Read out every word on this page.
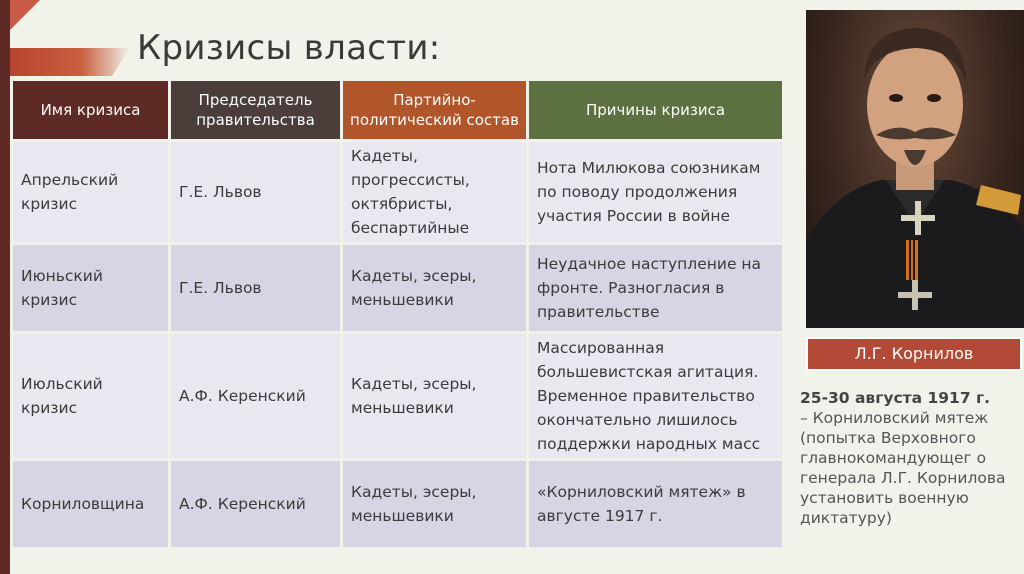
Кризисы власти:
Имя кризиса	Председатель правительства	Партийно-политический состав	Причины кризиса
Апрельский кризис	Г.Е. Львов	Кадеты, прогрессисты, октябристы, беспартийные	Нота Милюкова союзникам по поводу продолжения участия России в войне
Июньский кризис	Г.Е. Львов	Кадеты, эсеры, меньшевики	Неудачное наступление на фронте. Разногласия в правительстве
Июльский кризис	А.Ф. Керенский	Кадеты, эсеры, меньшевики	Массированная большевистская агитация. Временное правительство окончательно лишилось поддержки народных масс
Корниловщина	А.Ф. Керенский	Кадеты, эсеры, меньшевики	«Корниловский мятеж» в августе 1917 г.
Л.Г. Корнилов
25-30 августа 1917 г.
– Корниловский мятеж (попытка Верховного главнокомандующег о генерала Л.Г. Корнилова установить военную диктатуру)
